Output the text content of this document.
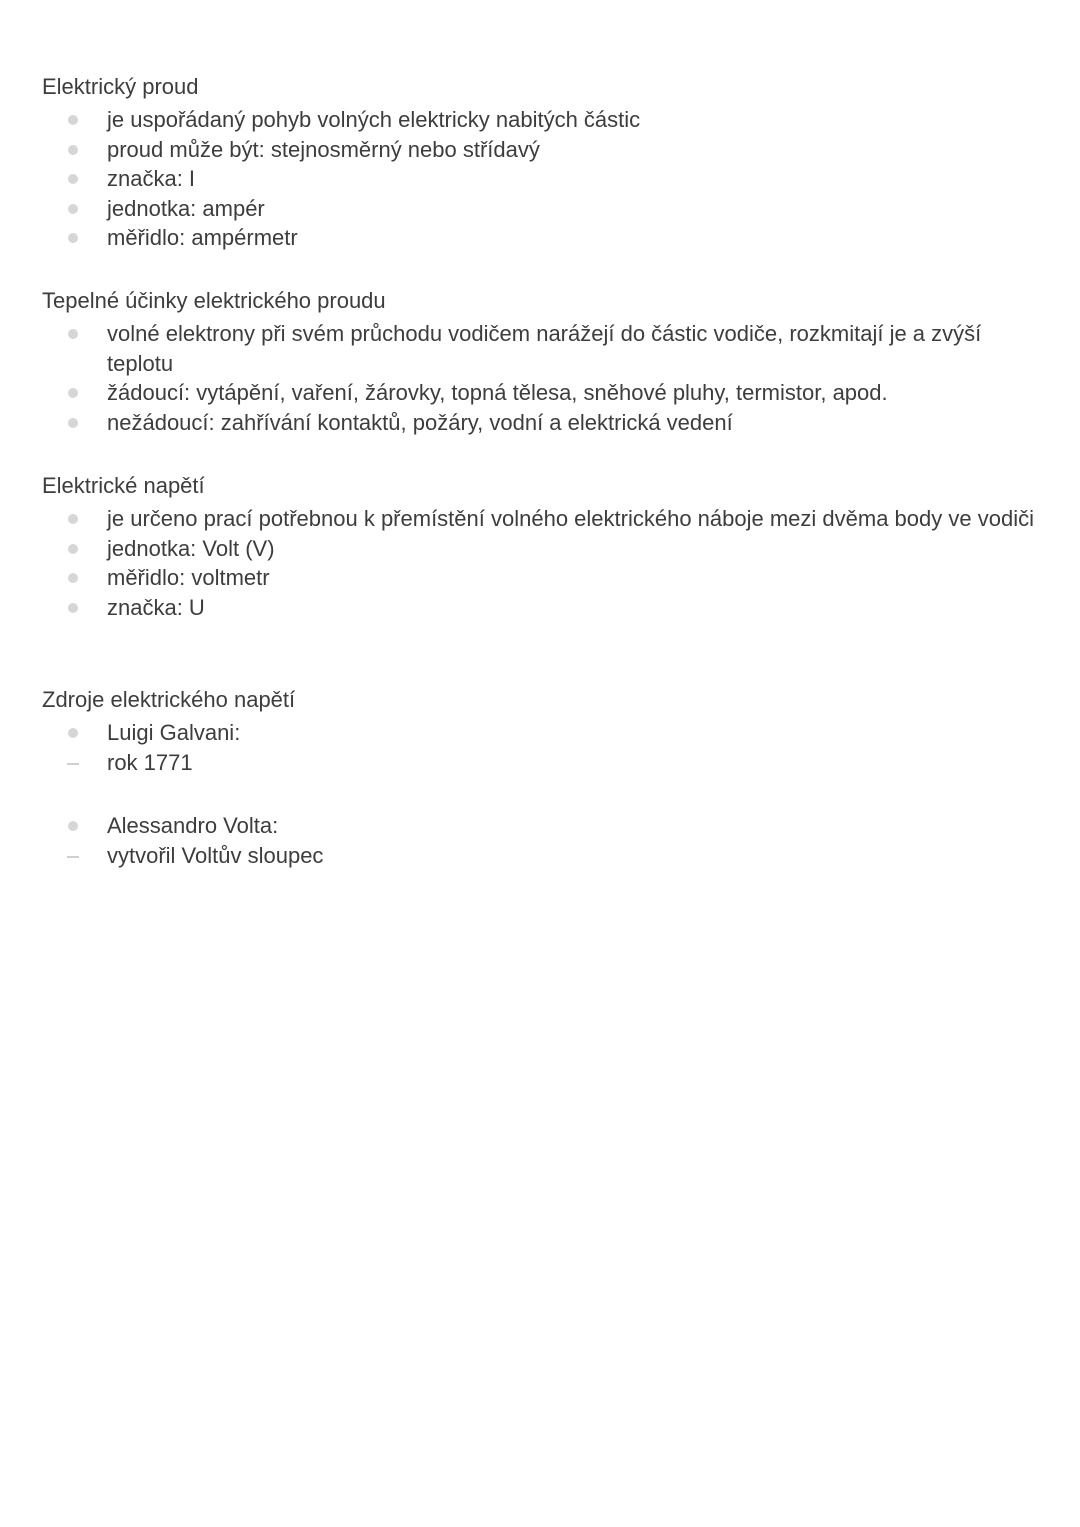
Elektrický proud
je uspořádaný pohyb volných elektricky nabitých částic
proud může být: stejnosměrný nebo střídavý
značka: I
jednotka: ampér
měřidlo: ampérmetr
Tepelné účinky elektrického proudu
volné elektrony při svém průchodu vodičem narážejí do částic vodiče, rozkmitají je a zvýší teplotu
žádoucí: vytápění, vaření, žárovky, topná tělesa, sněhové pluhy, termistor, apod.
nežádoucí: zahřívání kontaktů, požáry, vodní a elektrická vedení
Elektrické napětí
je určeno prací potřebnou k přemístění volného elektrického náboje mezi dvěma body ve vodiči
jednotka: Volt (V)
měřidlo: voltmetr
značka: U
Zdroje elektrického napětí
Luigi Galvani:
rok 1771
Alessandro Volta:
vytvořil Voltův sloupec
